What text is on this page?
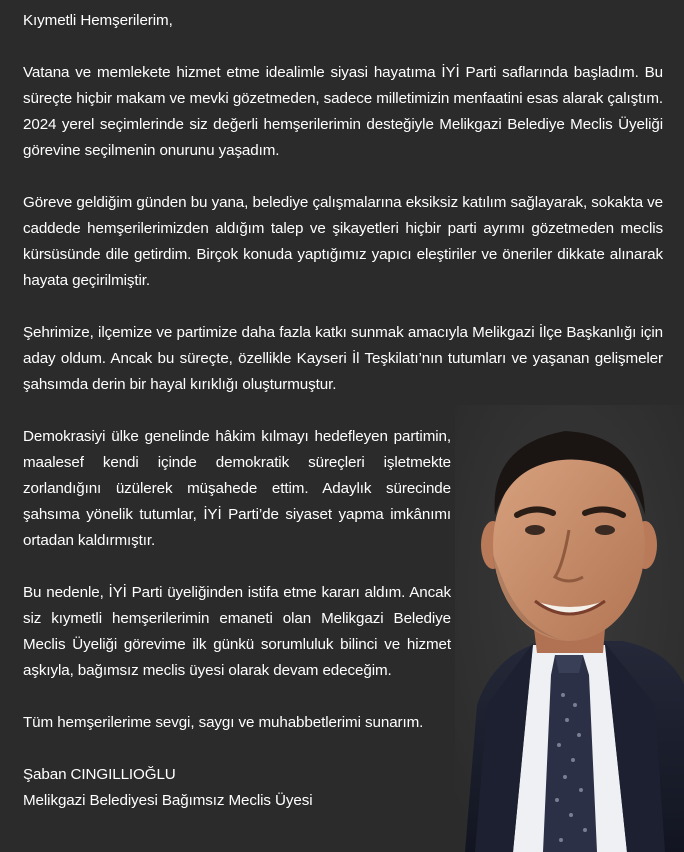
Kıymetli Hemşerilerim,

Vatana ve memlekete hizmet etme idealimle siyasi hayatıma İYİ Parti saflarında başladım. Bu süreçte hiçbir makam ve mevki gözetmeden, sadece milletimizin menfaatini esas alarak çalıştım. 2024 yerel seçimlerinde siz değerli hemşerilerimin desteğiyle Melikgazi Belediye Meclis Üyeliği görevine seçilmenin onurunu yaşadım.

Göreve geldiğim günden bu yana, belediye çalışmalarına eksiksiz katılım sağlayarak, sokakta ve caddede hemşerilerimizden aldığım talep ve şikayetleri hiçbir parti ayrımı gözetmeden meclis kürsüsünde dile getirdim. Birçok konuda yaptığımız yapıcı eleştiriler ve öneriler dikkate alınarak hayata geçirilmiştir.

Şehrimize, ilçemize ve partimize daha fazla katkı sunmak amacıyla Melikgazi İlçe Başkanlığı için aday oldum. Ancak bu süreçte, özellikle Kayseri İl Teşkilatı’nın tutumları ve yaşanan gelişmeler şahsımda derin bir hayal kırıklığı oluşturmuştur.

Demokrasiyi ülke genelinde hâkim kılmayı hedefleyen partimin, maalesef kendi içinde demokratik süreçleri işletmekte zorlandığını üzülerek müşahede ettim. Adaylık sürecinde şahsıma yönelik tutumlar, İYİ Parti’de siyaset yapma imkânımı ortadan kaldırmıştır.

Bu nedenle, İYİ Parti üyeliğinden istifa etme kararı aldım. Ancak siz kıymetli hemşerilerimin emaneti olan Melikgazi Belediye Meclis Üyeliği görevime ilk günkü sorumluluk bilinci ve hizmet aşkıyla, bağımsız meclis üyesi olarak devam edeceğim.

Tüm hemşerilerime sevgi, saygı ve muhabbetlerimi sunarım.

Şaban CINGILLIOĞLU

Melikgazi Belediyesi Bağımsız Meclis Üyesi
